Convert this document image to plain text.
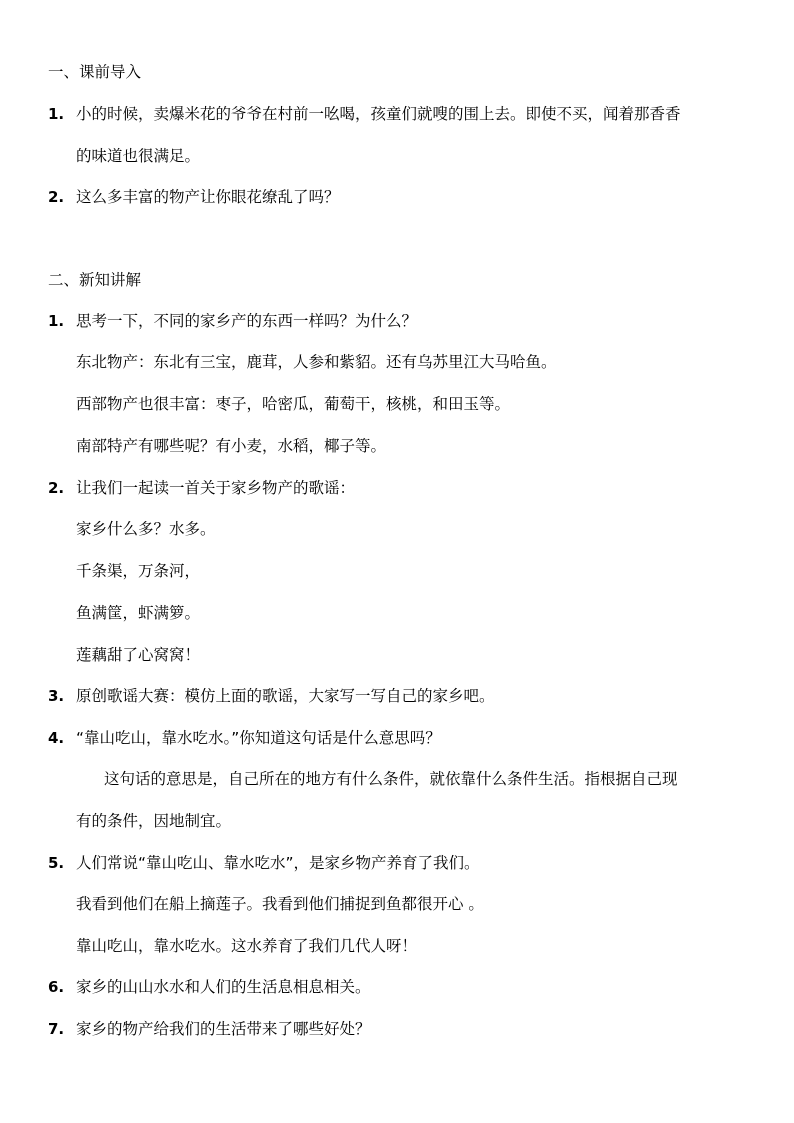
一、课前导入
1. 小的时候，卖爆米花的爷爷在村前一吆喝，孩童们就嗖的围上去。即使不买，闻着那香香
的味道也很满足。
2. 这么多丰富的物产让你眼花缭乱了吗？
二、新知讲解
1. 思考一下，不同的家乡产的东西一样吗？为什么？
东北物产：东北有三宝，鹿茸，人参和紫貂。还有乌苏里江大马哈鱼。
西部物产也很丰富：枣子，哈密瓜，葡萄干，核桃，和田玉等。
南部特产有哪些呢？有小麦，水稻，椰子等。
2. 让我们一起读一首关于家乡物产的歌谣：
家乡什么多？水多。
千条渠，万条河，
鱼满筐，虾满箩。
莲藕甜了心窝窝！
3. 原创歌谣大赛：模仿上面的歌谣，大家写一写自己的家乡吧。
4. “靠山吃山，靠水吃水。”你知道这句话是什么意思吗？
这句话的意思是，自己所在的地方有什么条件，就依靠什么条件生活。指根据自己现
有的条件，因地制宜。
5. 人们常说“靠山吃山、靠水吃水”，是家乡物产养育了我们。
我看到他们在船上摘莲子。我看到他们捕捉到鱼都很开心 。
靠山吃山，靠水吃水。这水养育了我们几代人呀！
6. 家乡的山山水水和人们的生活息相息相关。
7. 家乡的物产给我们的生活带来了哪些好处？
